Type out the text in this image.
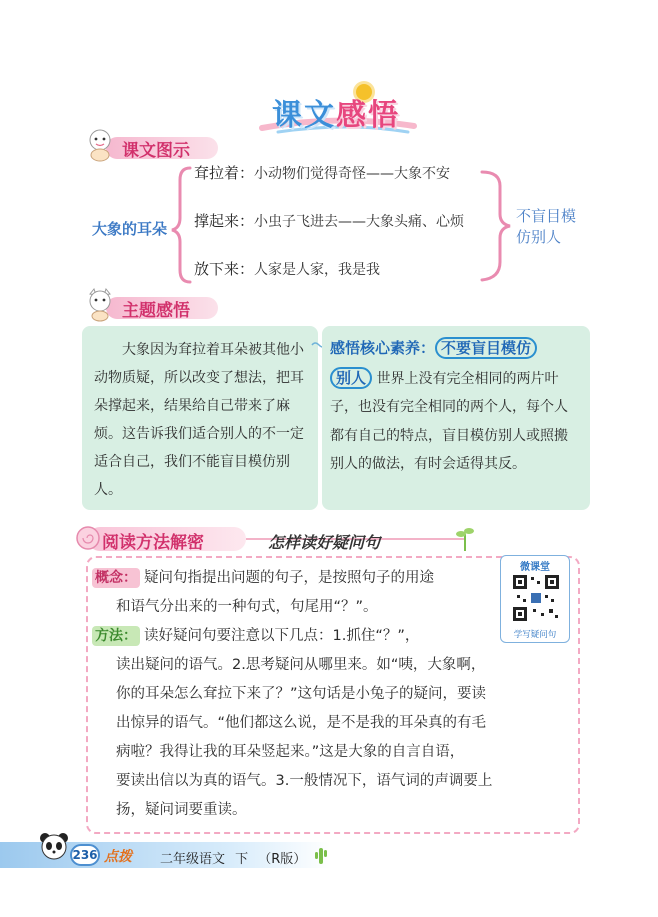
课文感悟
课文图示
大象的耳朵
耷拉着：小动物们觉得奇怪——大象不安
撑起来：小虫子飞进去——大象头痛、心烦
放下来：人家是人家，我是我
不盲目模
仿别人
主题感悟

大象因为耷拉着耳朵被其他小动物质疑，所以改变了想法，把耳朵撑起来，结果给自己带来了麻烦。这告诉我们适合别人的不一定适合自己，我们不能盲目模仿别人。

感悟核心素养： 不要盲目模仿
别人 世界上没有完全相同的两片叶子，也没有完全相同的两个人，每个人都有自己的特点，盲目模仿别人或照搬别人的做法，有时会适得其反。
阅读方法解密	怎样读好疑问句
概念： 疑问句指提出问题的句子，是按照句子的用途
和语气分出来的一种句式，句尾用“？”。
方法： 读好疑问句要注意以下几点：1.抓住“？”，
读出疑问的语气。2.思考疑问从哪里来。如“咦，大象啊，
你的耳朵怎么耷拉下来了？”这句话是小兔子的疑问，要读
出惊异的语气。“他们都这么说，是不是我的耳朵真的有毛
病啦？我得让我的耳朵竖起来。”这是大象的自言自语，
要读出信以为真的语气。3.一般情况下，语气词的声调要上
扬，疑问词要重读。
微课堂
学写疑问句
236 点拨 二年级语文 下 （R版）
